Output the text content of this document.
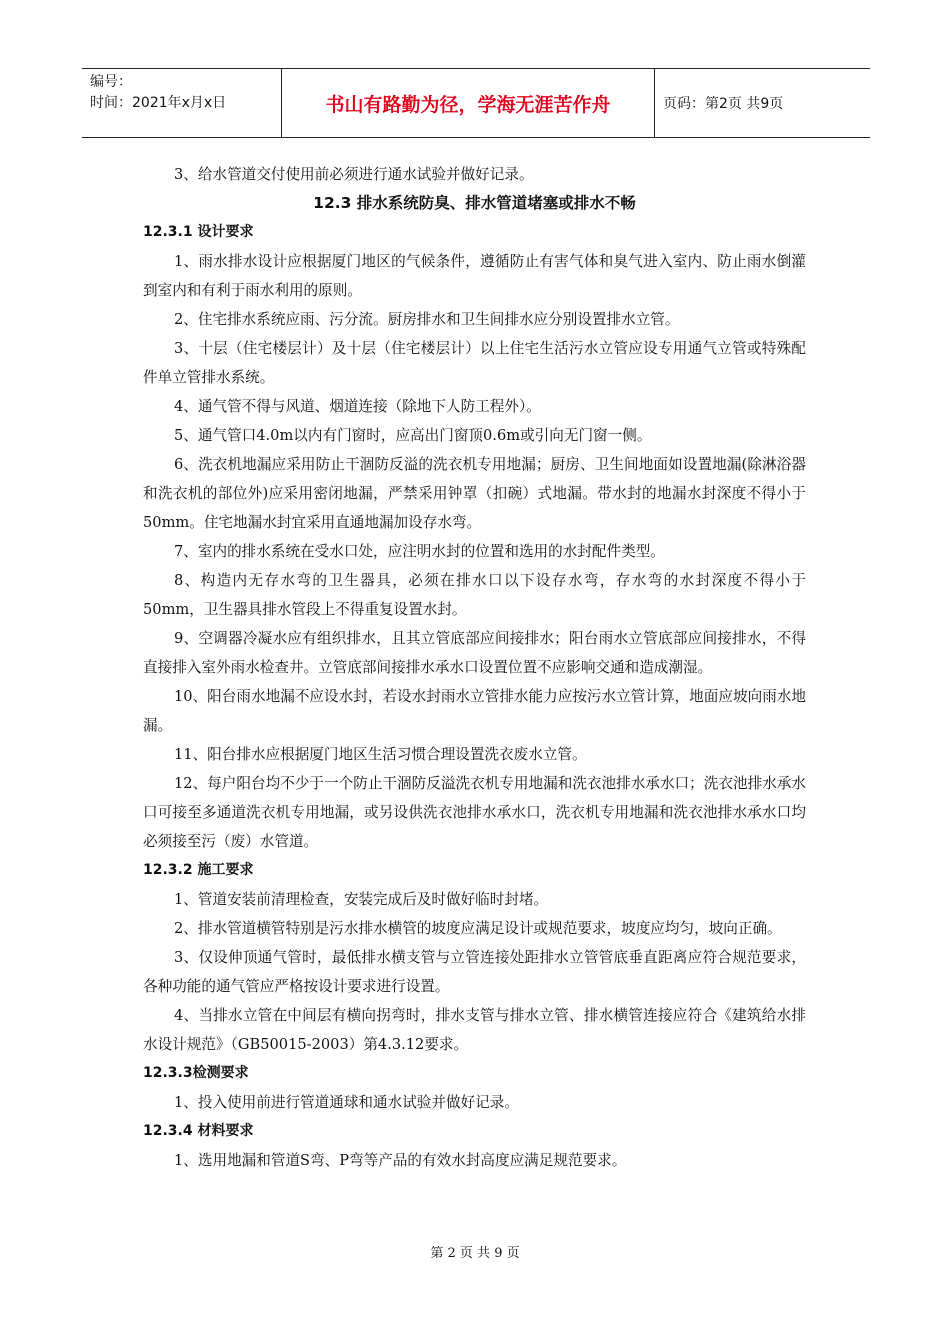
编号：
时间：2021年x月x日	书山有路勤为径，学海无涯苦作舟	页码：第2页 共9页

3、给水管道交付使用前必须进行通水试验并做好记录。

12.3 排水系统防臭、排水管道堵塞或排水不畅

12.3.1 设计要求

1、雨水排水设计应根据厦门地区的气候条件，遵循防止有害气体和臭气进入室内、防止雨水倒灌到室内和有利于雨水利用的原则。

2、住宅排水系统应雨、污分流。厨房排水和卫生间排水应分别设置排水立管。

3、十层（住宅楼层计）及十层（住宅楼层计）以上住宅生活污水立管应设专用通气立管或特殊配件单立管排水系统。

4、通气管不得与风道、烟道连接（除地下人防工程外）。

5、通气管口4.0m以内有门窗时，应高出门窗顶0.6m或引向无门窗一侧。

6、洗衣机地漏应采用防止干涸防反溢的洗衣机专用地漏；厨房、卫生间地面如设置地漏(除淋浴器和洗衣机的部位外)应采用密闭地漏，严禁采用钟罩（扣碗）式地漏。带水封的地漏水封深度不得小于50mm。住宅地漏水封宜采用直通地漏加设存水弯。

7、室内的排水系统在受水口处，应注明水封的位置和选用的水封配件类型。

8、构造内无存水弯的卫生器具，必须在排水口以下设存水弯，存水弯的水封深度不得小于50mm，卫生器具排水管段上不得重复设置水封。

9、空调器冷凝水应有组织排水，且其立管底部应间接排水；阳台雨水立管底部应间接排水，不得直接排入室外雨水检查井。立管底部间接排水承水口设置位置不应影响交通和造成潮湿。

10、阳台雨水地漏不应设水封，若设水封雨水立管排水能力应按污水立管计算，地面应坡向雨水地漏。

11、阳台排水应根据厦门地区生活习惯合理设置洗衣废水立管。

12、每户阳台均不少于一个防止干涸防反溢洗衣机专用地漏和洗衣池排水承水口；洗衣池排水承水口可接至多通道洗衣机专用地漏，或另设供洗衣池排水承水口，洗衣机专用地漏和洗衣池排水承水口均必须接至污（废）水管道。

12.3.2 施工要求

1、管道安装前清理检查，安装完成后及时做好临时封堵。

2、排水管道横管特别是污水排水横管的坡度应满足设计或规范要求，坡度应均匀，坡向正确。

3、仅设伸顶通气管时，最低排水横支管与立管连接处距排水立管管底垂直距离应符合规范要求，各种功能的通气管应严格按设计要求进行设置。

4、当排水立管在中间层有横向拐弯时，排水支管与排水立管、排水横管连接应符合《建筑给水排水设计规范》（GB50015-2003）第4.3.12要求。

12.3.3检测要求

1、投入使用前进行管道通球和通水试验并做好记录。

12.3.4 材料要求

1、选用地漏和管道S弯、P弯等产品的有效水封高度应满足规范要求。

第 2 页 共 9 页
